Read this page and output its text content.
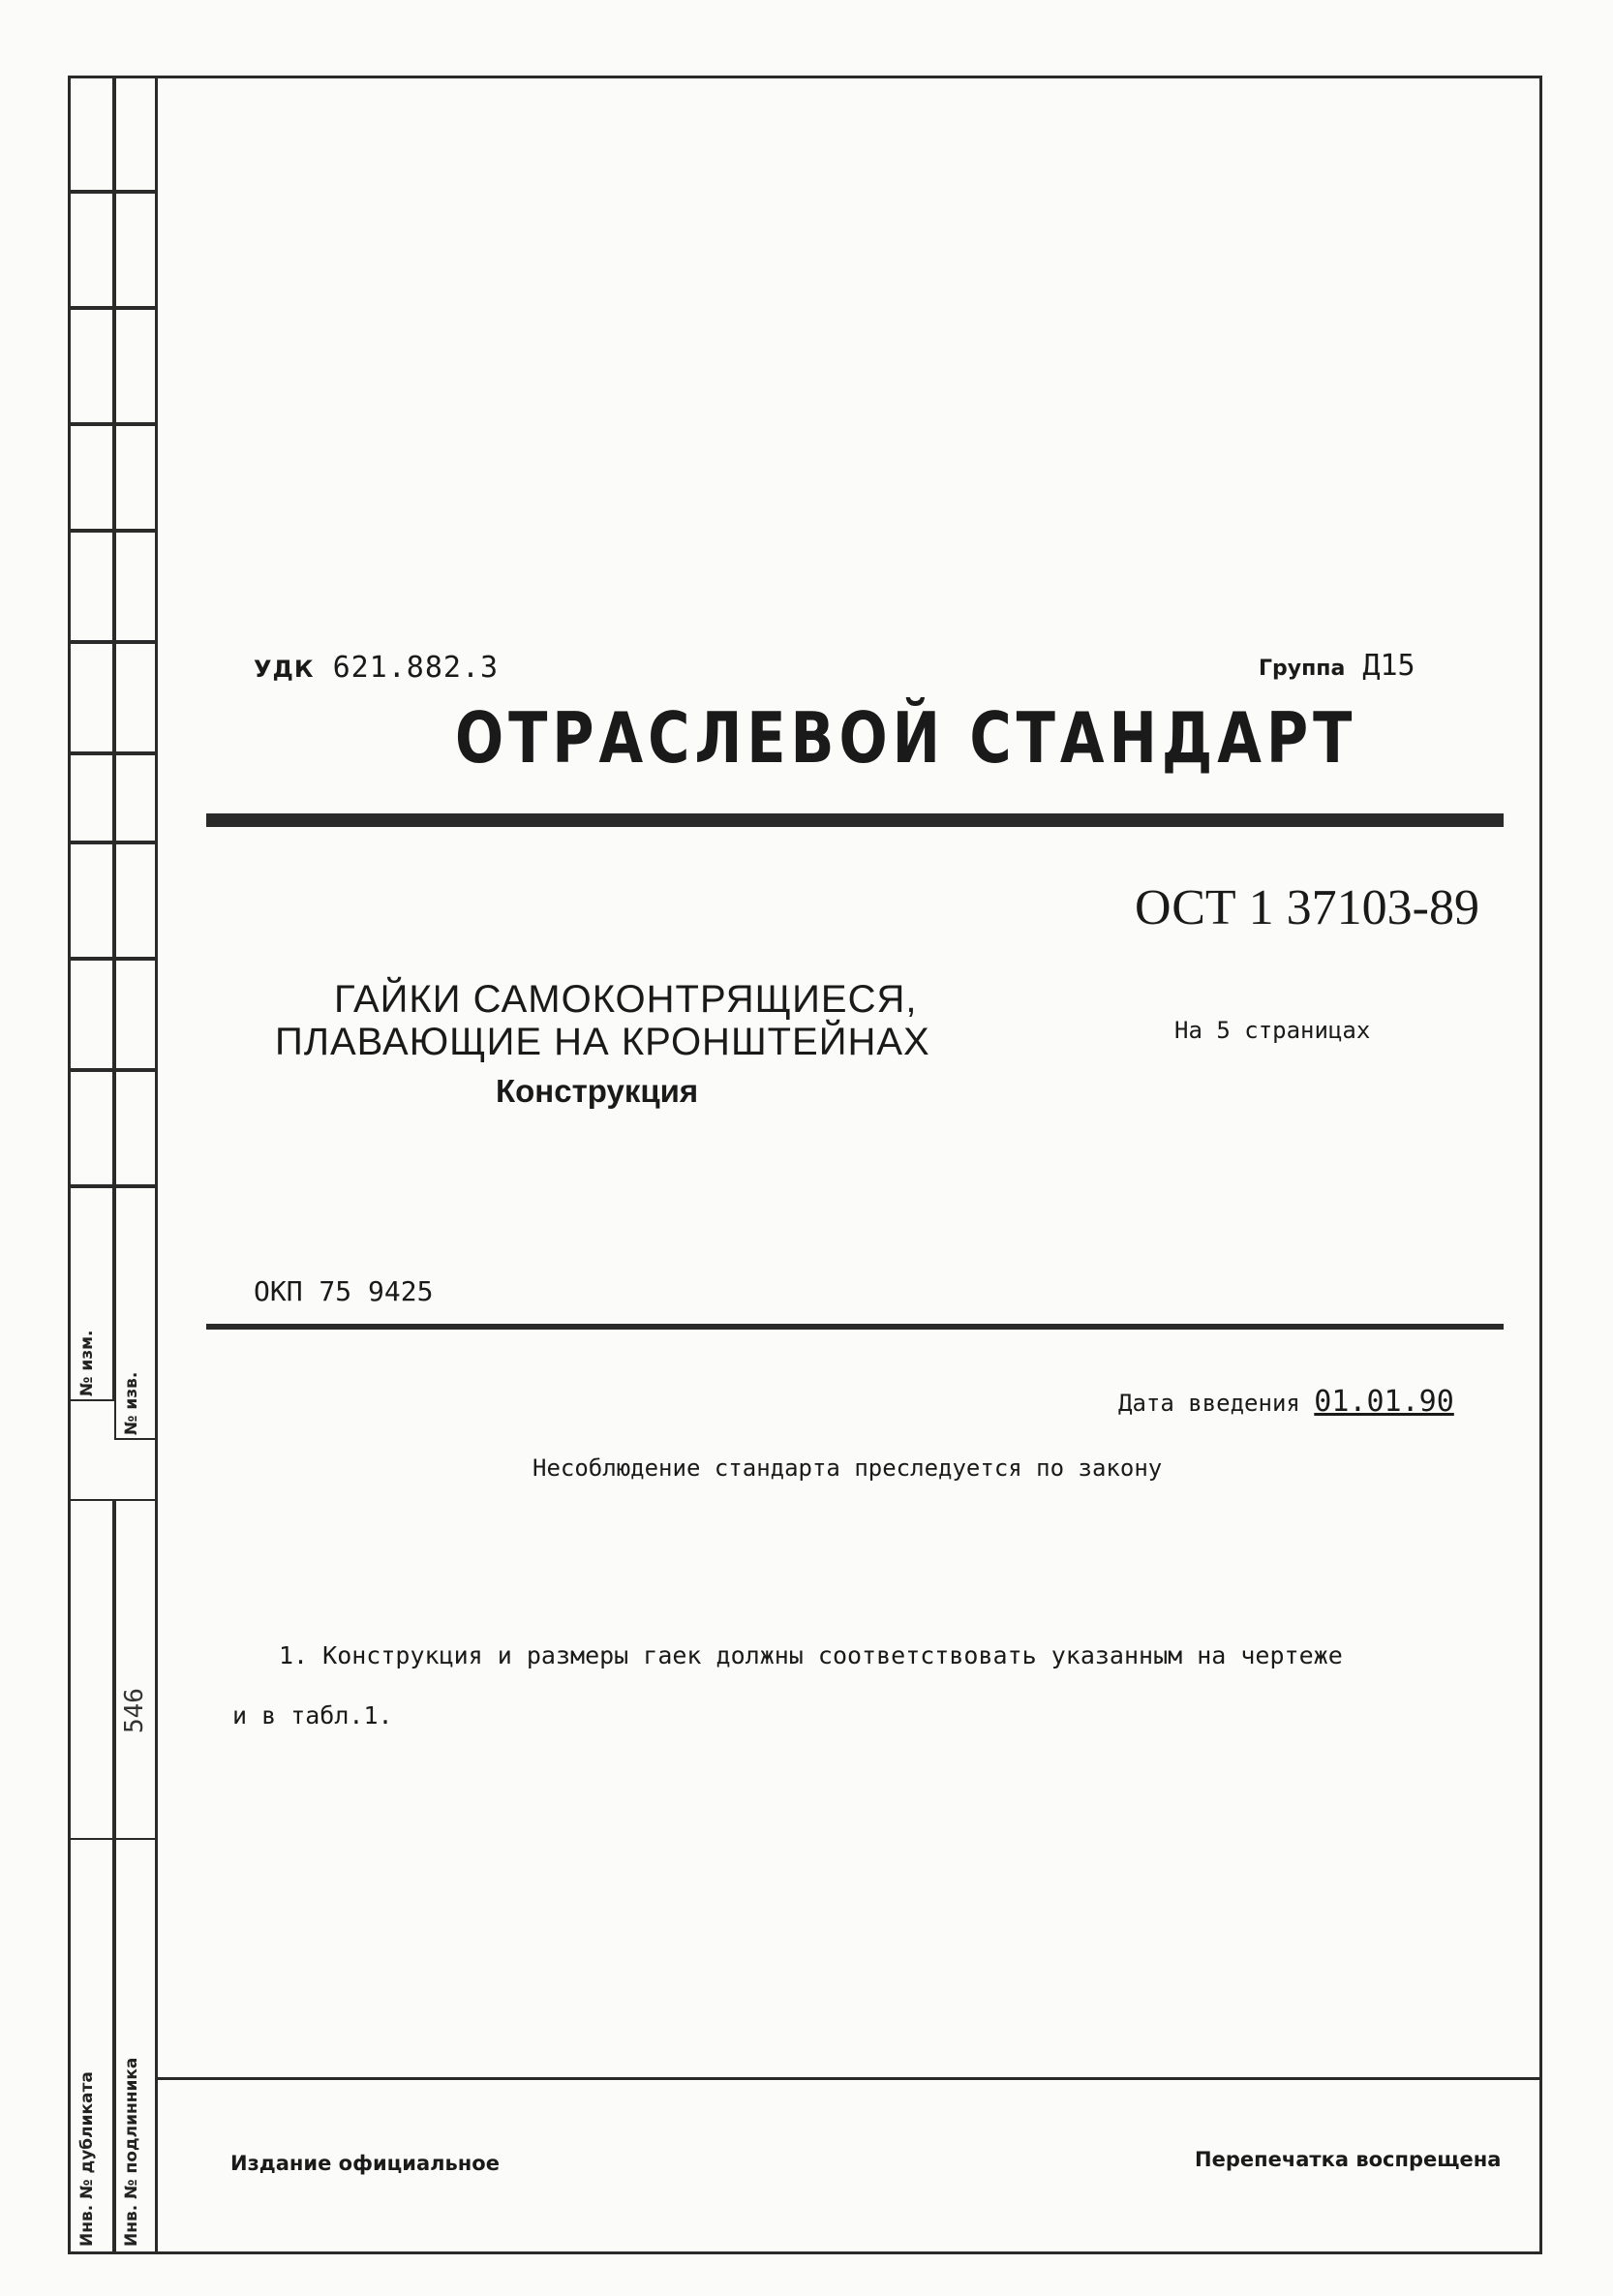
№ изм.
№ изв.
546
Инв. № дубликата Инв. № подлинника
УДК 621.882.3	Группа Д15
ОТРАСЛЕВОЙ СТАНДАРТ
ОСТ 1 37103-89
ГАЙКИ САМОКОНТРЯЩИЕСЯ,
ПЛАВАЮЩИЕ НА КРОНШТЕЙНАХ
Конструкция
На 5 страницах
ОКП 75 9425
Дата введения 01.01.90
Несоблюдение стандарта преследуется по закону
1. Конструкция и размеры гаек должны соответствовать указанным на чертеже
и в табл.1.
Издание официальное	Перепечатка воспрещена
